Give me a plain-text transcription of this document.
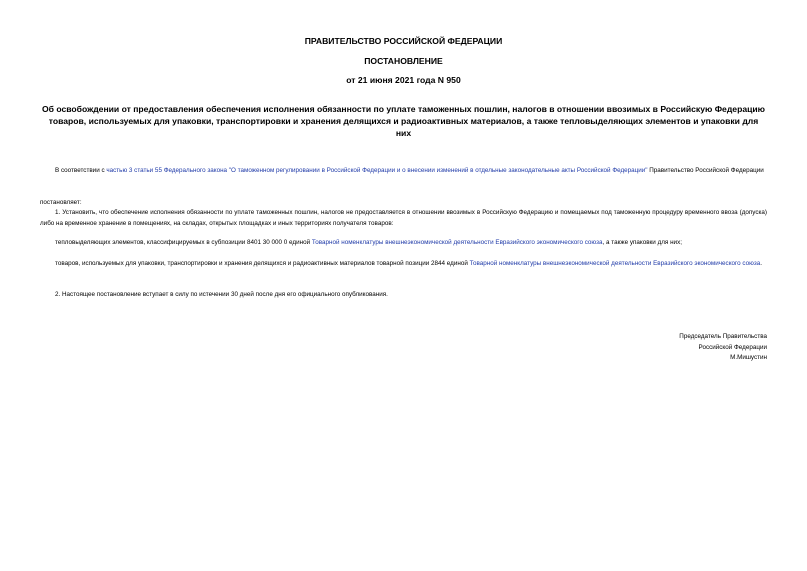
ПРАВИТЕЛЬСТВО РОССИЙСКОЙ ФЕДЕРАЦИИ
ПОСТАНОВЛЕНИЕ
от 21 июня 2021 года N 950
Об освобождении от предоставления обеспечения исполнения обязанности по уплате таможенных пошлин, налогов в отношении ввозимых в Российскую Федерацию товаров, используемых для упаковки, транспортировки и хранения делящихся и радиоактивных материалов, а также тепловыделяющих элементов и упаковки для них
В соответствии с частью 3 статьи 55 Федерального закона "О таможенном регулировании в Российской Федерации и о внесении изменений в отдельные законодательные акты Российской Федерации" Правительство Российской Федерации
постановляет:
1. Установить, что обеспечение исполнения обязанности по уплате таможенных пошлин, налогов не предоставляется в отношении ввозимых в Российскую Федерацию и помещаемых под таможенную процедуру временного ввоза (допуска) либо на временное хранение в помещениях, на складах, открытых площадках и иных территориях получателя товаров:
тепловыделяющих элементов, классифицируемых в субпозиции 8401 30 000 0 единой Товарной номенклатуры внешнеэкономической деятельности Евразийского экономического союза, а также упаковки для них;
товаров, используемых для упаковки, транспортировки и хранения делящихся и радиоактивных материалов товарной позиции 2844 единой Товарной номенклатуры внешнеэкономической деятельности Евразийского экономического союза.
2. Настоящее постановление вступает в силу по истечении 30 дней после дня его официального опубликования.
Председатель Правительства
Российской Федерации
М.Мишустин
